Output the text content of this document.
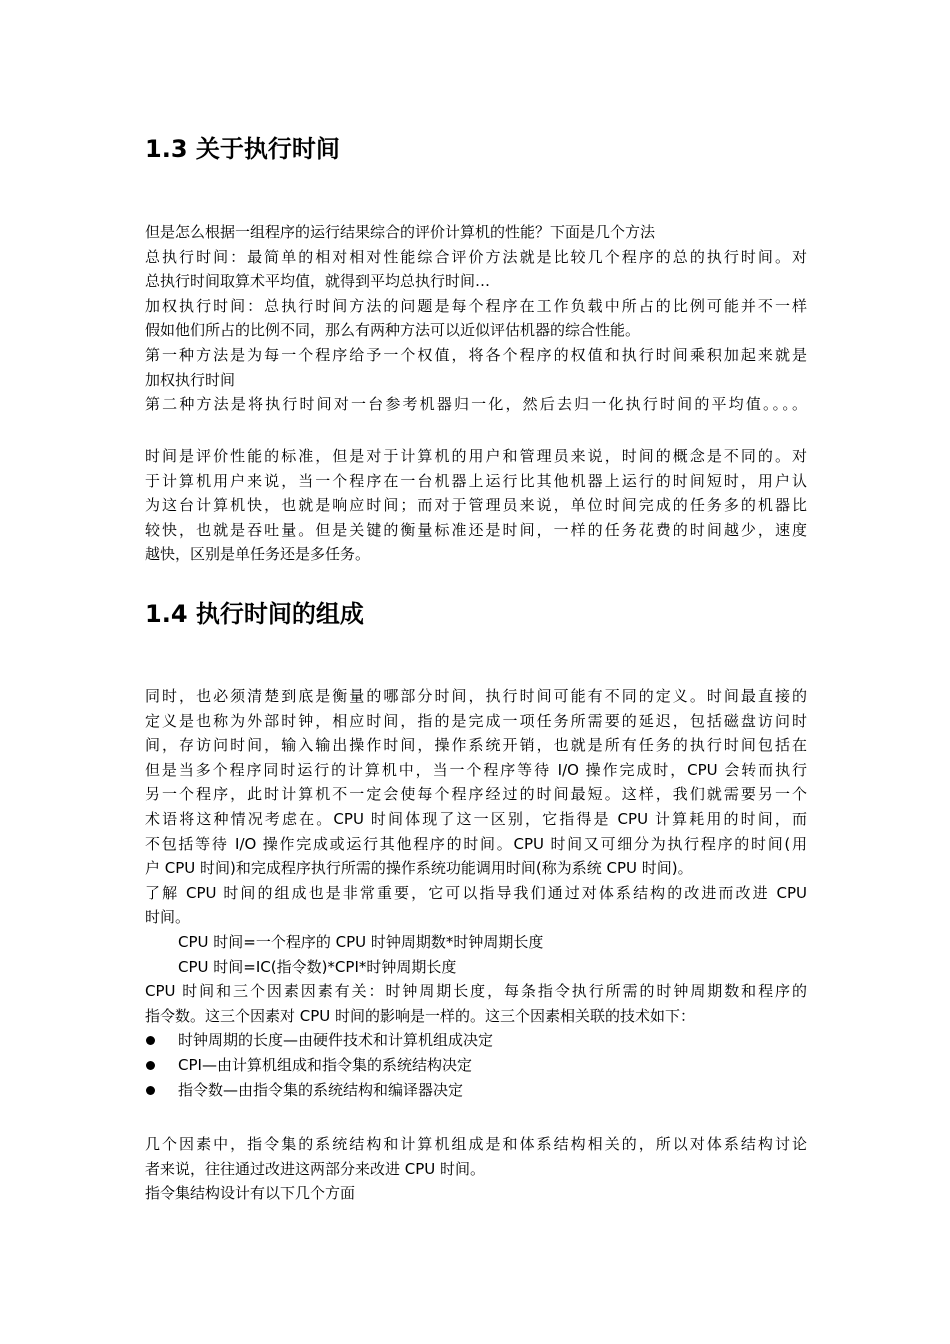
1.3 关于执行时间
但是怎么根据一组程序的运行结果综合的评价计算机的性能？下面是几个方法
总执行时间：最简单的相对相对性能综合评价方法就是比较几个程序的总的执行时间。对
总执行时间取算术平均值，就得到平均总执行时间…
加权执行时间：总执行时间方法的问题是每个程序在工作负载中所占的比例可能并不一样
假如他们所占的比例不同，那么有两种方法可以近似评估机器的综合性能。
第一种方法是为每一个程序给予一个权值，将各个程序的权值和执行时间乘积加起来就是
加权执行时间
第二种方法是将执行时间对一台参考机器归一化，然后去归一化执行时间的平均值。。。。
时间是评价性能的标准，但是对于计算机的用户和管理员来说，时间的概念是不同的。对
于计算机用户来说，当一个程序在一台机器上运行比其他机器上运行的时间短时，用户认
为这台计算机快，也就是响应时间；而对于管理员来说，单位时间完成的任务多的机器比
较快，也就是吞吐量。但是关键的衡量标准还是时间，一样的任务花费的时间越少，速度
越快，区别是单任务还是多任务。
1.4 执行时间的组成
同时，也必须清楚到底是衡量的哪部分时间，执行时间可能有不同的定义。时间最直接的
定义是也称为外部时钟，相应时间，指的是完成一项任务所需要的延迟，包括磁盘访问时
间，存访问时间，输入输出操作时间，操作系统开销，也就是所有任务的执行时间包括在
但是当多个程序同时运行的计算机中，当一个程序等待 I/O 操作完成时，CPU 会转而执行
另一个程序，此时计算机不一定会使每个程序经过的时间最短。这样，我们就需要另一个
术语将这种情况考虑在。CPU 时间体现了这一区别，它指得是 CPU 计算耗用的时间，而
不包括等待 I/O 操作完成或运行其他程序的时间。CPU 时间又可细分为执行程序的时间(用
户 CPU 时间)和完成程序执行所需的操作系统功能调用时间(称为系统 CPU 时间)。
了解 CPU 时间的组成也是非常重要，它可以指导我们通过对体系结构的改进而改进 CPU
时间。
CPU 时间=一个程序的 CPU 时钟周期数*时钟周期长度
CPU 时间=IC(指令数)*CPI*时钟周期长度
CPU 时间和三个因素因素有关：时钟周期长度，每条指令执行所需的时钟周期数和程序的
指令数。这三个因素对 CPU 时间的影响是一样的。这三个因素相关联的技术如下：
时钟周期的长度—由硬件技术和计算机组成决定
CPI—由计算机组成和指令集的系统结构决定
指令数—由指令集的系统结构和编译器决定
几个因素中，指令集的系统结构和计算机组成是和体系结构相关的，所以对体系结构讨论
者来说，往往通过改进这两部分来改进 CPU 时间。
指令集结构设计有以下几个方面
